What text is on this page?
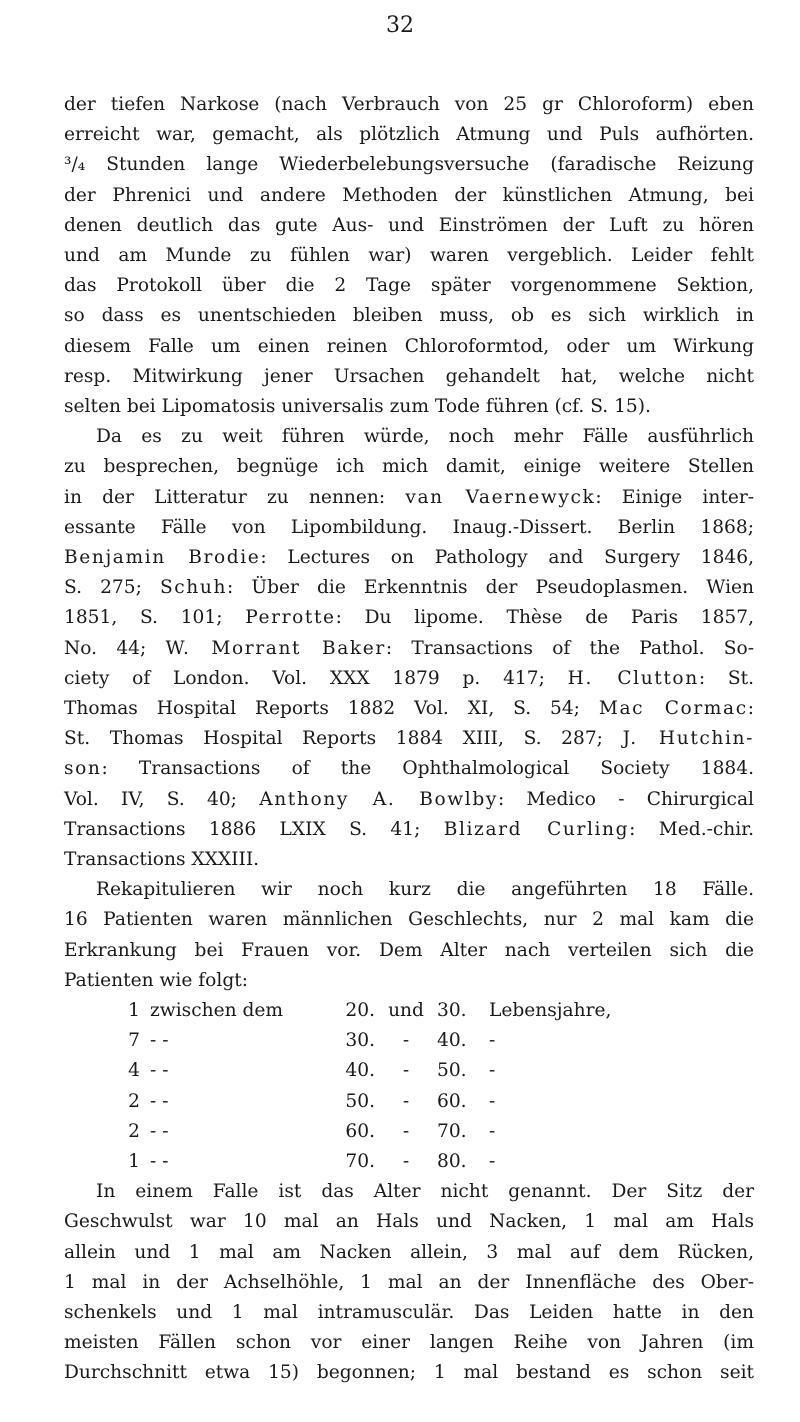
32

der tiefen Narkose (nach Verbrauch von 25 gr Chloroform) eben
erreicht war, gemacht, als plötzlich Atmung und Puls aufhörten.
³/₄ Stunden lange Wiederbelebungsversuche (faradische Reizung
der Phrenici und andere Methoden der künstlichen Atmung, bei
denen deutlich das gute Aus- und Einströmen der Luft zu hören
und am Munde zu fühlen war) waren vergeblich. Leider fehlt
das Protokoll über die 2 Tage später vorgenommene Sektion,
so dass es unentschieden bleiben muss, ob es sich wirklich in
diesem Falle um einen reinen Chloroformtod, oder um Wirkung
resp. Mitwirkung jener Ursachen gehandelt hat, welche nicht
selten bei Lipomatosis universalis zum Tode führen (cf. S. 15).

Da es zu weit führen würde, noch mehr Fälle ausführlich
zu besprechen, begnüge ich mich damit, einige weitere Stellen
in der Litteratur zu nennen: van Vaernewyck: Einige inter-
essante Fälle von Lipombildung. Inaug.-Dissert. Berlin 1868;
Benjamin Brodie: Lectures on Pathology and Surgery 1846,
S. 275; Schuh: Über die Erkenntnis der Pseudoplasmen. Wien
1851, S. 101; Perrotte: Du lipome. Thèse de Paris 1857,
No. 44; W. Morrant Baker: Transactions of the Pathol. So-
ciety of London. Vol. XXX 1879 p. 417; H. Clutton: St.
Thomas Hospital Reports 1882 Vol. XI, S. 54; Mac Cormac:
St. Thomas Hospital Reports 1884 XIII, S. 287; J. Hutchin-
son: Transactions of the Ophthalmological Society 1884.
Vol. IV, S. 40; Anthony A. Bowlby: Medico - Chirurgical
Transactions 1886 LXIX S. 41; Blizard Curling: Med.-chir.
Transactions XXXIII.

Rekapitulieren wir noch kurz die angeführten 18 Fälle.
16 Patienten waren männlichen Geschlechts, nur 2 mal kam die
Erkrankung bei Frauen vor. Dem Alter nach verteilen sich die
Patienten wie folgt:

1 zwischen dem	20. und 30.	Lebensjahre,
7 - -	30.	-	40.	-
4 - -	40.	-	50.	-
2 - -	50.	-	60.	-
2 - -	60.	-	70.	-
1 - -	70.	-	80.	-

In einem Falle ist das Alter nicht genannt. Der Sitz der
Geschwulst war 10 mal an Hals und Nacken, 1 mal am Hals
allein und 1 mal am Nacken allein, 3 mal auf dem Rücken,
1 mal in der Achselhöhle, 1 mal an der Innenfläche des Ober-
schenkels und 1 mal intramusculär. Das Leiden hatte in den
meisten Fällen schon vor einer langen Reihe von Jahren (im
Durchschnitt etwa 15) begonnen; 1 mal bestand es schon seit
